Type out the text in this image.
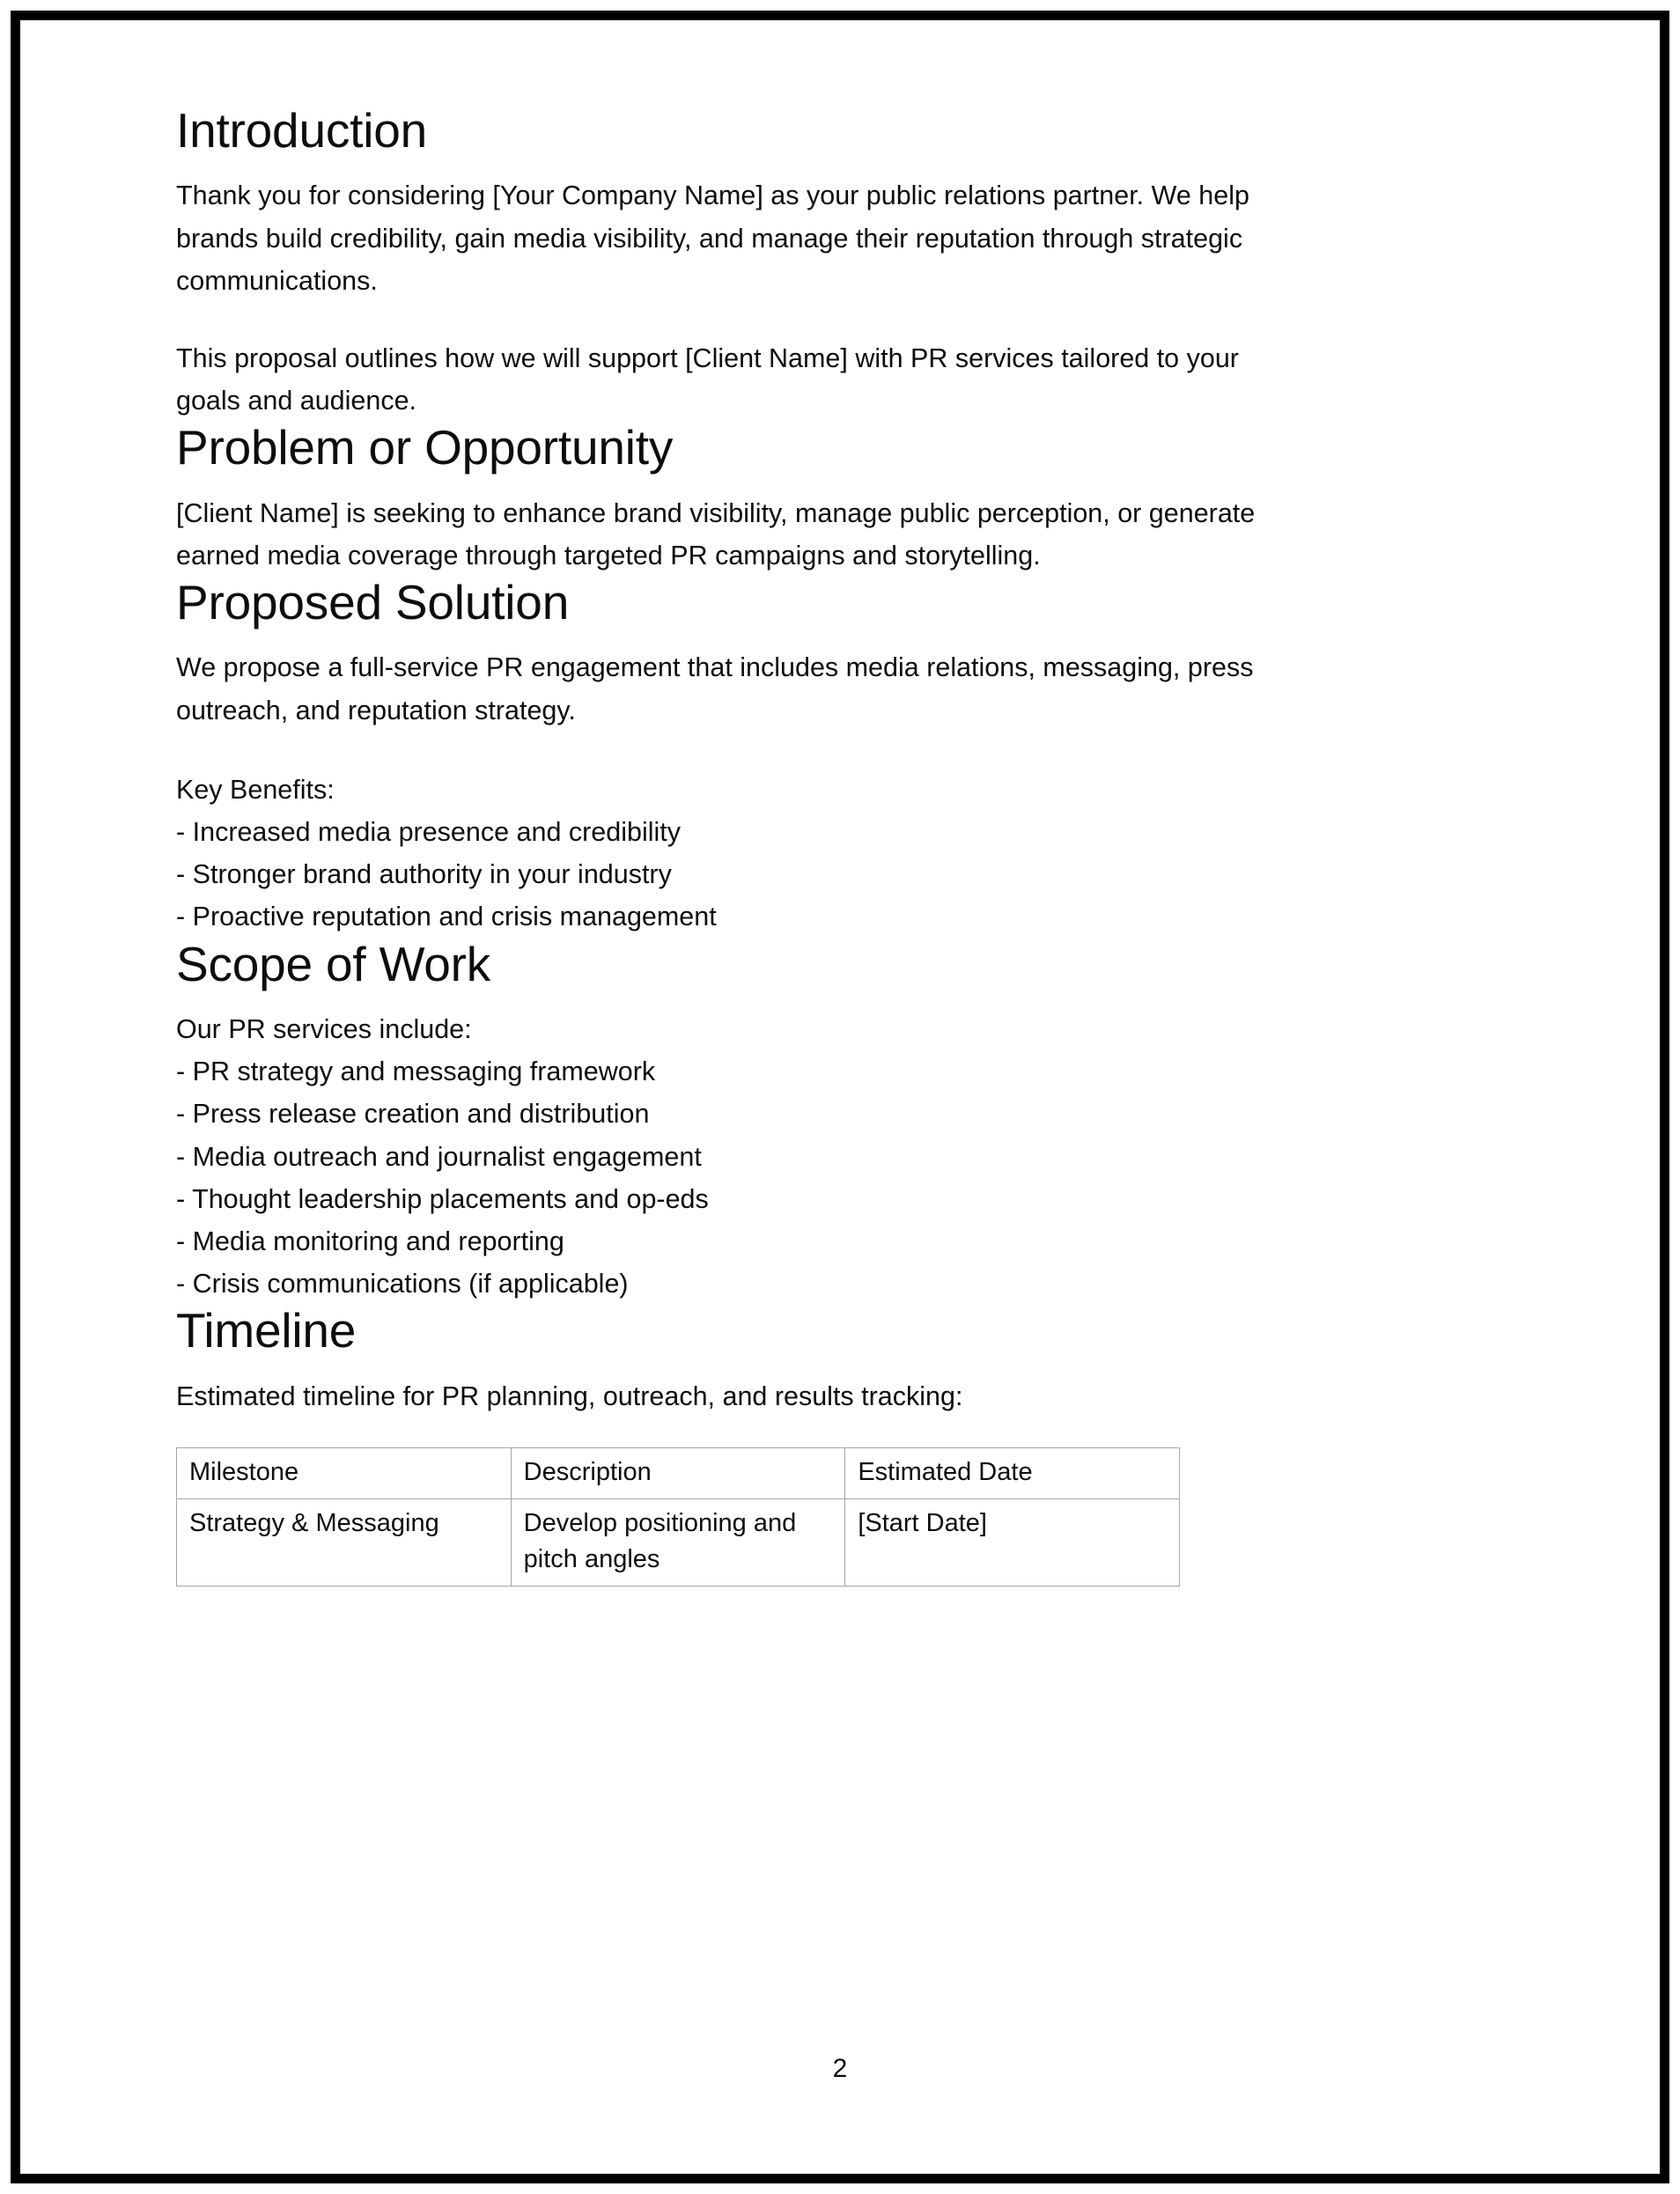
Introduction

Thank you for considering [Your Company Name] as your public relations partner. We help brands build credibility, gain media visibility, and manage their reputation through strategic communications.

This proposal outlines how we will support [Client Name] with PR services tailored to your goals and audience.

Problem or Opportunity

[Client Name] is seeking to enhance brand visibility, manage public perception, or generate earned media coverage through targeted PR campaigns and storytelling.

Proposed Solution

We propose a full-service PR engagement that includes media relations, messaging, press outreach, and reputation strategy.

Key Benefits:
- Increased media presence and credibility
- Stronger brand authority in your industry
- Proactive reputation and crisis management
Scope of Work

Our PR services include:

- PR strategy and messaging framework
- Press release creation and distribution
- Media outreach and journalist engagement
- Thought leadership placements and op-eds
- Media monitoring and reporting
- Crisis communications (if applicable)
Timeline

Estimated timeline for PR planning, outreach, and results tracking:

Milestone	Description	Estimated Date
Strategy & Messaging	Develop positioning and pitch angles	[Start Date]
2
